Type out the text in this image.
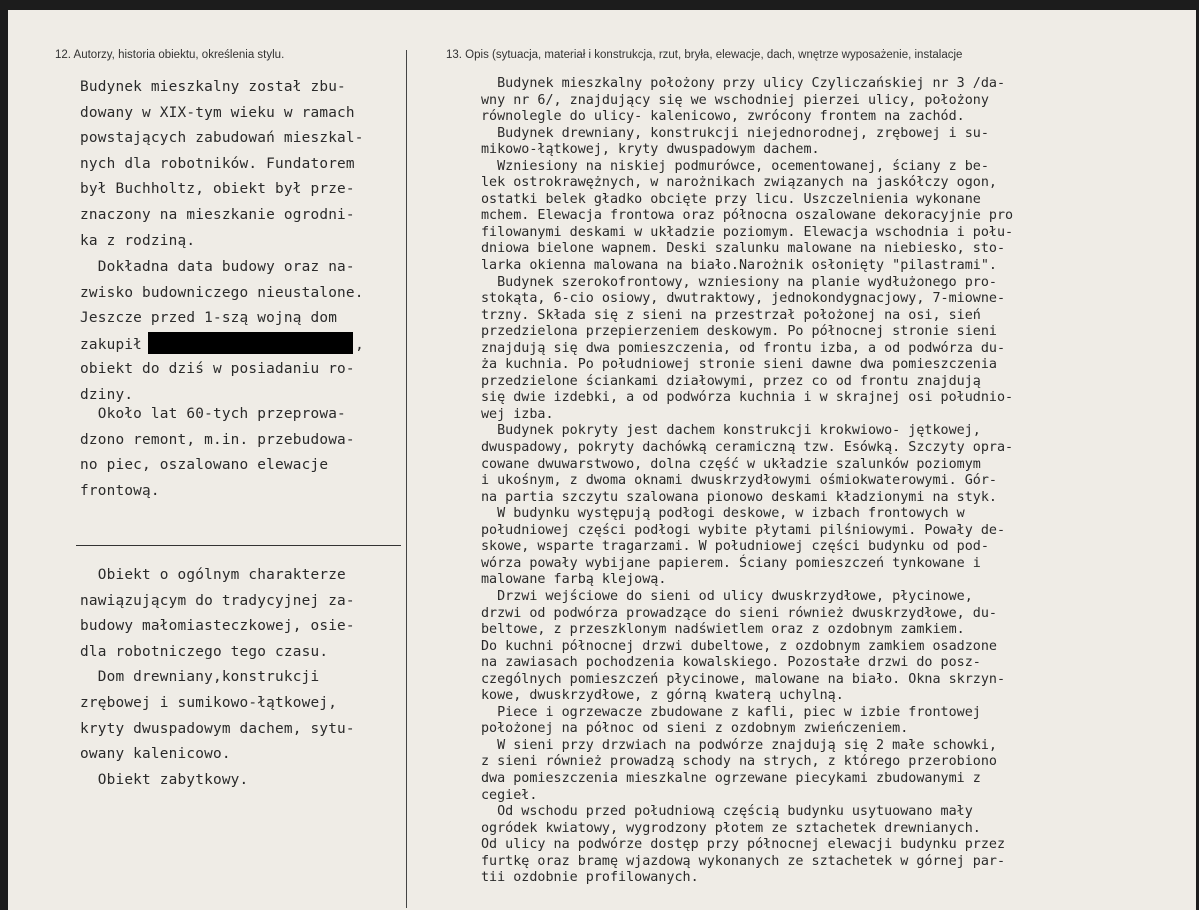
12. Autorzy, historia obiektu, określenia stylu.	13. Opis (sytuacja, materiał i konstrukcja, rzut, bryła, elewacje, dach, wnętrze wyposażenie, instalacje
Budynek mieszkalny został zbu-
dowany w XIX-tym wieku w ramach
powstających zabudowań mieszkal-
nych dla robotników. Fundatorem
był Buchholtz, obiekt był prze-
znaczony na mieszkanie ogrodni-
ka z rodziną.
Dokładna data budowy oraz na-
zwisko budowniczego nieustalone.
Jeszcze przed 1-szą wojną dom
zakupił	,
obiekt do dziś w posiadaniu ro-
dziny.
Około lat 60-tych przeprowa-
dzono remont, m.in. przebudowa-
no piec, oszalowano elewacje
frontową.
Obiekt o ogólnym charakterze
nawiązującym do tradycyjnej za-
budowy małomiasteczkowej, osie-
dla robotniczego tego czasu.
Dom drewniany,konstrukcji
zrębowej i sumikowo-łątkowej,
kryty dwuspadowym dachem, sytu-
owany kalenicowo.
Obiekt zabytkowy.
Budynek mieszkalny położony przy ulicy Czyliczańskiej nr 3 /da-
wny nr 6/, znajdujący się we wschodniej pierzei ulicy, położony
równolegle do ulicy- kalenicowo, zwrócony frontem na zachód.
Budynek drewniany, konstrukcji niejednorodnej, zrębowej i su-
mikowo-łątkowej, kryty dwuspadowym dachem.
Wzniesiony na niskiej podmurówce, ocementowanej, ściany z be-
lek ostrokrawężnych, w narożnikach związanych na jaskółczy ogon,
ostatki belek gładko obcięte przy licu. Uszczelnienia wykonane
mchem. Elewacja frontowa oraz północna oszalowane dekoracyjnie pro
filowanymi deskami w układzie poziomym. Elewacja wschodnia i połu-
dniowa bielone wapnem. Deski szalunku malowane na niebiesko, sto-
larka okienna malowana na biało.Narożnik osłonięty "pilastrami".
Budynek szerokofrontowy, wzniesiony na planie wydłużonego pro-
stokąta, 6-cio osiowy, dwutraktowy, jednokondygnacjowy, 7-miowne-
trzny. Składa się z sieni na przestrzał położonej na osi, sień
przedzielona przepierzeniem deskowym. Po północnej stronie sieni
znajdują się dwa pomieszczenia, od frontu izba, a od podwórza du-
ża kuchnia. Po południowej stronie sieni dawne dwa pomieszczenia
przedzielone ściankami działowymi, przez co od frontu znajdują
się dwie izdebki, a od podwórza kuchnia i w skrajnej osi południo-
wej izba.
Budynek pokryty jest dachem konstrukcji krokwiowo- jętkowej,
dwuspadowy, pokryty dachówką ceramiczną tzw. Esówką. Szczyty opra-
cowane dwuwarstwowo, dolna część w układzie szalunków poziomym
i ukośnym, z dwoma oknami dwuskrzydłowymi ośmiokwaterowymi. Gór-
na partia szczytu szalowana pionowo deskami kładzionymi na styk.
W budynku występują podłogi deskowe, w izbach frontowych w
południowej części podłogi wybite płytami pilśniowymi. Powały de-
skowe, wsparte tragarzami. W południowej części budynku od pod-
wórza powały wybijane papierem. Ściany pomieszczeń tynkowane i
malowane farbą klejową.
Drzwi wejściowe do sieni od ulicy dwuskrzydłowe, płycinowe,
drzwi od podwórza prowadzące do sieni również dwuskrzydłowe, du-
beltowe, z przeszklonym nadświetlem oraz z ozdobnym zamkiem.
Do kuchni północnej drzwi dubeltowe, z ozdobnym zamkiem osadzone
na zawiasach pochodzenia kowalskiego. Pozostałe drzwi do posz-
czególnych pomieszczeń płycinowe, malowane na biało. Okna skrzyn-
kowe, dwuskrzydłowe, z górną kwaterą uchylną.
Piece i ogrzewacze zbudowane z kafli, piec w izbie frontowej
położonej na północ od sieni z ozdobnym zwieńczeniem.
W sieni przy drzwiach na podwórze znajdują się 2 małe schowki,
z sieni również prowadzą schody na strych, z którego przerobiono
dwa pomieszczenia mieszkalne ogrzewane piecykami zbudowanymi z
cegieł.
Od wschodu przed południową częścią budynku usytuowano mały
ogródek kwiatowy, wygrodzony płotem ze sztachetek drewnianych.
Od ulicy na podwórze dostęp przy północnej elewacji budynku przez
furtkę oraz bramę wjazdową wykonanych ze sztachetek w górnej par-
tii ozdobnie profilowanych.
